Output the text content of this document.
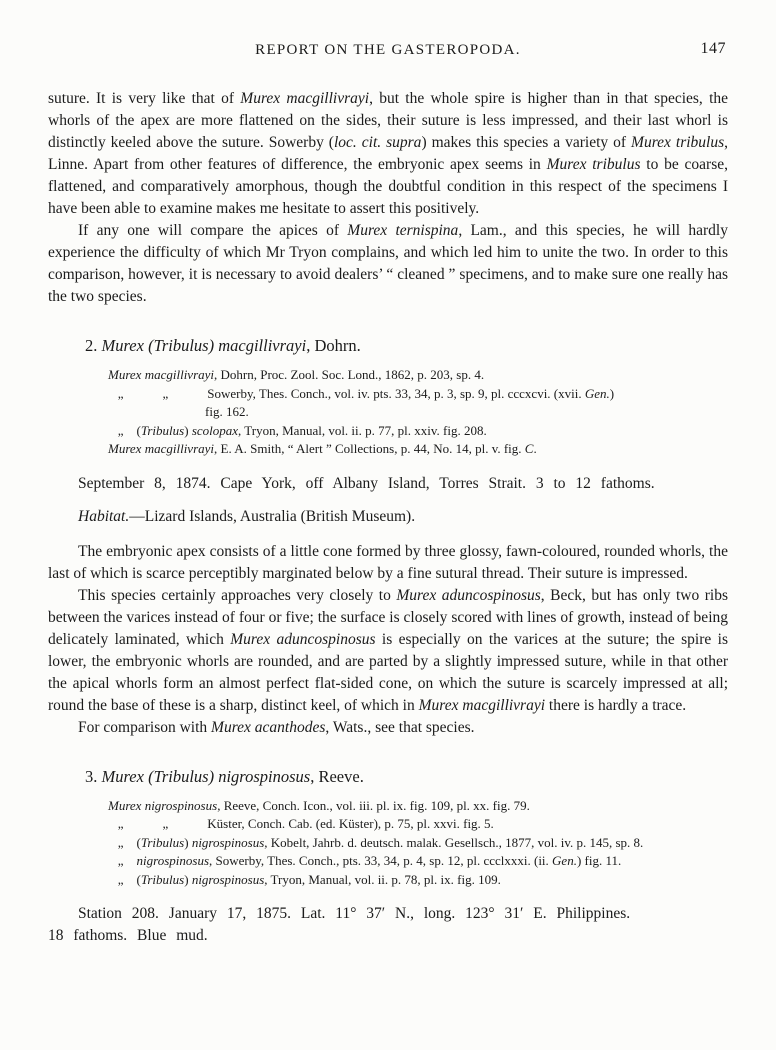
REPORT ON THE GASTEROPODA.	147

suture. It is very like that of Murex macgillivrayi, but the whole spire is higher than in that species, the whorls of the apex are more flattened on the sides, their suture is less impressed, and their last whorl is distinctly keeled above the suture. Sowerby (loc. cit. supra) makes this species a variety of Murex tribulus, Linne. Apart from other features of difference, the embryonic apex seems in Murex tribulus to be coarse, flattened, and comparatively amorphous, though the doubtful condition in this respect of the specimens I have been able to examine makes me hesitate to assert this positively.

If any one will compare the apices of Murex ternispina, Lam., and this species, he will hardly experience the difficulty of which Mr Tryon complains, and which led him to unite the two. In order to this comparison, however, it is necessary to avoid dealers’ “ cleaned ” specimens, and to make sure one really has the two species.

2. Murex (Tribulus) macgillivrayi, Dohrn.

Murex macgillivrayi, Dohrn, Proc. Zool. Soc. Lond., 1862, p. 203, sp. 4.
„            „            Sowerby, Thes. Conch., vol. iv. pts. 33, 34, p. 3, sp. 9, pl. cccxcvi. (xvii. Gen.)
fig. 162.
„    (Tribulus) scolopax, Tryon, Manual, vol. ii. p. 77, pl. xxiv. fig. 208.
Murex macgillivrayi, E. A. Smith, “ Alert ” Collections, p. 44, No. 14, pl. v. fig. C.

September 8, 1874. Cape York, off Albany Island, Torres Strait. 3 to 12 fathoms.

Habitat.—Lizard Islands, Australia (British Museum).

The embryonic apex consists of a little cone formed by three glossy, fawn-coloured, rounded whorls, the last of which is scarce perceptibly marginated below by a fine sutural thread. Their suture is impressed.

This species certainly approaches very closely to Murex aduncospinosus, Beck, but has only two ribs between the varices instead of four or five; the surface is closely scored with lines of growth, instead of being delicately laminated, which Murex aduncospinosus is especially on the varices at the suture; the spire is lower, the embryonic whorls are rounded, and are parted by a slightly impressed suture, while in that other the apical whorls form an almost perfect flat-sided cone, on which the suture is scarcely impressed at all; round the base of these is a sharp, distinct keel, of which in Murex macgillivrayi there is hardly a trace.

For comparison with Murex acanthodes, Wats., see that species.

3. Murex (Tribulus) nigrospinosus, Reeve.

Murex nigrospinosus, Reeve, Conch. Icon., vol. iii. pl. ix. fig. 109, pl. xx. fig. 79.
„            „            Küster, Conch. Cab. (ed. Küster), p. 75, pl. xxvi. fig. 5.
„    (Tribulus) nigrospinosus, Kobelt, Jahrb. d. deutsch. malak. Gesellsch., 1877, vol. iv. p. 145, sp. 8.
„    nigrospinosus, Sowerby, Thes. Conch., pts. 33, 34, p. 4, sp. 12, pl. ccclxxxi. (ii. Gen.) fig. 11.
„    (Tribulus) nigrospinosus, Tryon, Manual, vol. ii. p. 78, pl. ix. fig. 109.

Station 208. January 17, 1875. Lat. 11° 37′ N., long. 123° 31′ E. Philippines.
18 fathoms. Blue mud.
